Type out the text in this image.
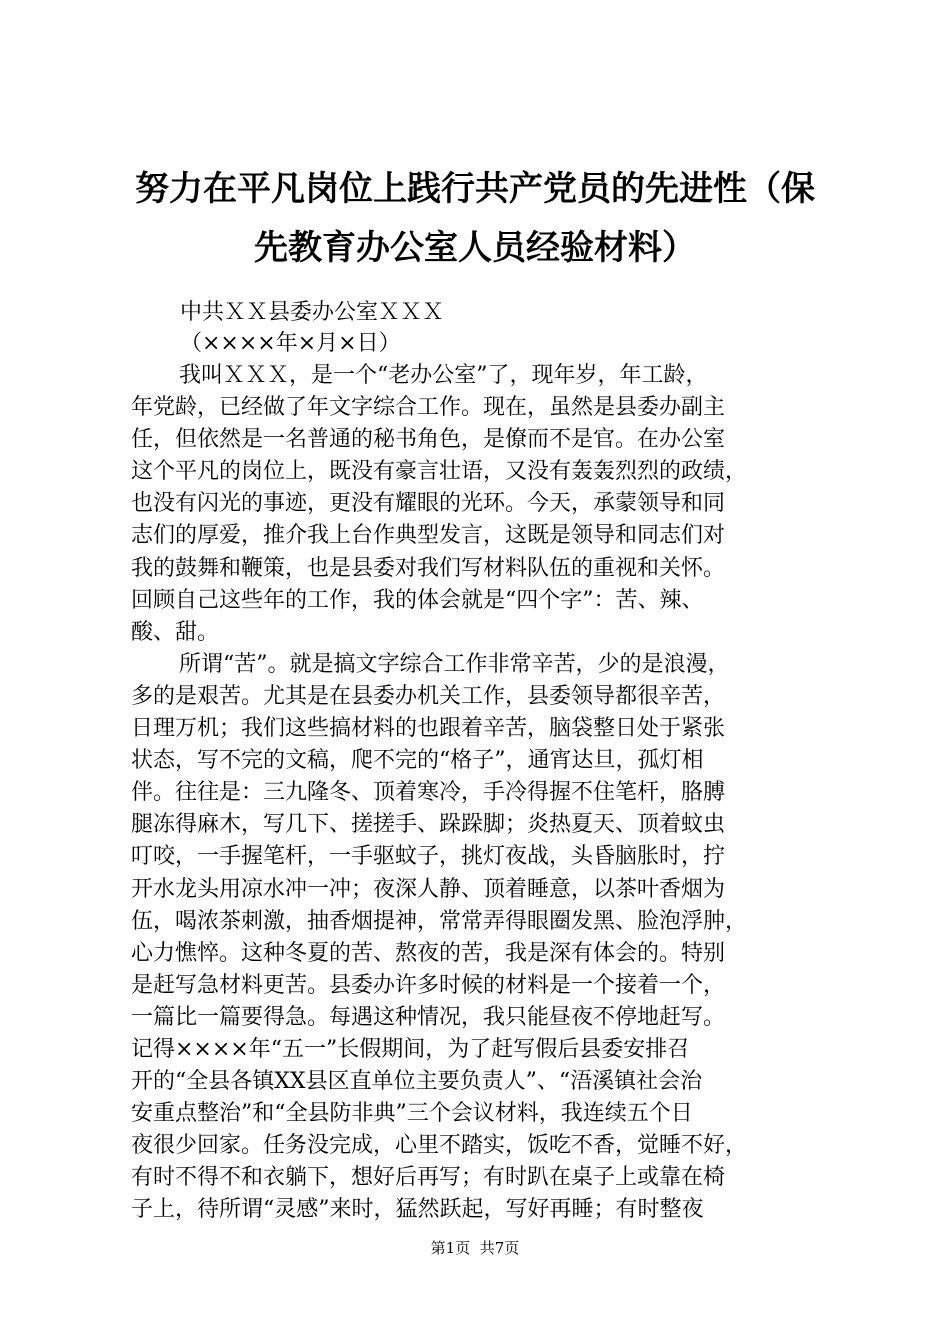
努力在平凡岗位上践行共产党员的先进性（保
先教育办公室人员经验材料）
中共ＸＸ县委办公室ＸＸＸ
（××××年×月×日）
我叫ＸＸＸ，是一个“老办公室”了，现年岁，年工龄，
年党龄，已经做了年文字综合工作。现在，虽然是县委办副主
任，但依然是一名普通的秘书角色，是僚而不是官。在办公室
这个平凡的岗位上，既没有豪言壮语，又没有轰轰烈烈的政绩，
也没有闪光的事迹，更没有耀眼的光环。今天，承蒙领导和同
志们的厚爱，推介我上台作典型发言，这既是领导和同志们对
我的鼓舞和鞭策，也是县委对我们写材料队伍的重视和关怀。
回顾自己这些年的工作，我的体会就是“四个字”：苦、辣、
酸、甜。
所谓“苦”。就是搞文字综合工作非常辛苦，少的是浪漫，
多的是艰苦。尤其是在县委办机关工作，县委领导都很辛苦，
日理万机；我们这些搞材料的也跟着辛苦，脑袋整日处于紧张
状态，写不完的文稿，爬不完的“格子”，通宵达旦，孤灯相
伴。往往是：三九隆冬、顶着寒冷，手冷得握不住笔杆，胳膊
腿冻得麻木，写几下、搓搓手、跺跺脚；炎热夏天、顶着蚊虫
叮咬，一手握笔杆，一手驱蚊子，挑灯夜战，头昏脑胀时，拧
开水龙头用凉水冲一冲；夜深人静、顶着睡意，以茶叶香烟为
伍，喝浓茶刺激，抽香烟提神，常常弄得眼圈发黑、脸泡浮肿，
心力憔悴。这种冬夏的苦、熬夜的苦，我是深有体会的。特别
是赶写急材料更苦。县委办许多时候的材料是一个接着一个，
一篇比一篇要得急。每遇这种情况，我只能昼夜不停地赶写。
记得××××年“五一”长假期间，为了赶写假后县委安排召
开的“全县各镇XX县区直单位主要负责人”、“浯溪镇社会治
安重点整治”和“全县防非典”三个会议材料，我连续五个日
夜很少回家。任务没完成，心里不踏实，饭吃不香，觉睡不好，
有时不得不和衣躺下，想好后再写；有时趴在桌子上或靠在椅
子上，待所谓“灵感”来时，猛然跃起，写好再睡；有时整夜
第1页 共7页
